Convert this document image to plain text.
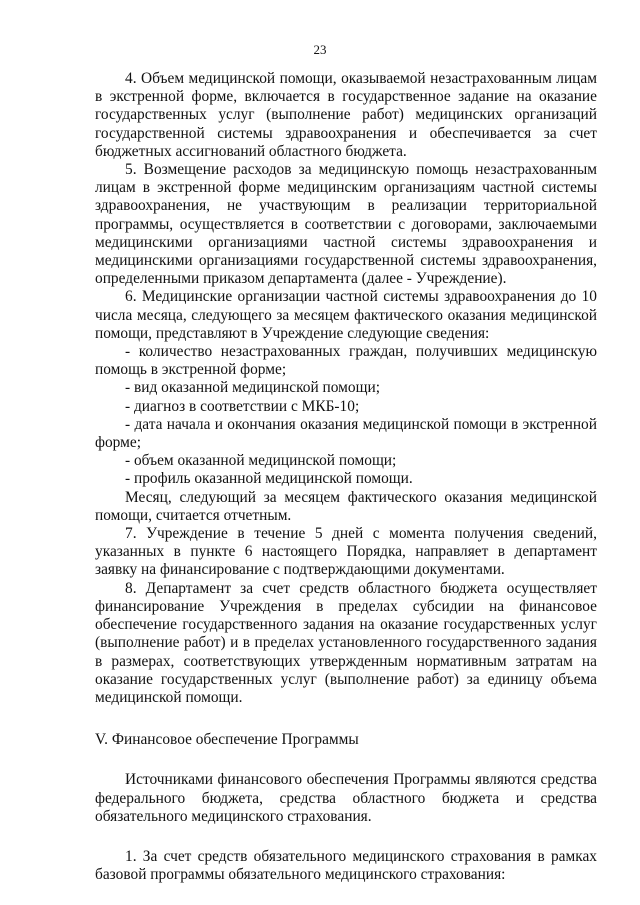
23

4. Объем медицинской помощи, оказываемой незастрахованным лицам в экстренной форме, включается в государственное задание на оказание государственных услуг (выполнение работ) медицинских организаций государственной системы здравоохранения и обеспечивается за счет бюджетных ассигнований областного бюджета.

5. Возмещение расходов за медицинскую помощь незастрахованным лицам в экстренной форме медицинским организациям частной системы здравоохранения, не участвующим в реализации территориальной программы, осуществляется в соответствии с договорами, заключаемыми медицинскими организациями частной системы здравоохранения и медицинскими организациями государственной системы здравоохранения, определенными приказом департамента (далее - Учреждение).

6. Медицинские организации частной системы здравоохранения до 10 числа месяца, следующего за месяцем фактического оказания медицинской помощи, представляют в Учреждение следующие сведения:

- количество незастрахованных граждан, получивших медицинскую помощь в экстренной форме;

- вид оказанной медицинской помощи;

- диагноз в соответствии с МКБ-10;

- дата начала и окончания оказания медицинской помощи в экстренной форме;

- объем оказанной медицинской помощи;

- профиль оказанной медицинской помощи.

Месяц, следующий за месяцем фактического оказания медицинской помощи, считается отчетным.

7. Учреждение в течение 5 дней с момента получения сведений, указанных в пункте 6 настоящего Порядка, направляет в департамент заявку на финансирование с подтверждающими документами.

8. Департамент за счет средств областного бюджета осуществляет финансирование Учреждения в пределах субсидии на финансовое обеспечение государственного задания на оказание государственных услуг (выполнение работ) и в пределах установленного государственного задания в размерах, соответствующих утвержденным нормативным затратам на оказание государственных услуг (выполнение работ) за единицу объема медицинской помощи.

V. Финансовое обеспечение Программы

Источниками финансового обеспечения Программы являются средства федерального бюджета, средства областного бюджета и средства обязательного медицинского страхования.

1. За счет средств обязательного медицинского страхования в рамках базовой программы обязательного медицинского страхования:
